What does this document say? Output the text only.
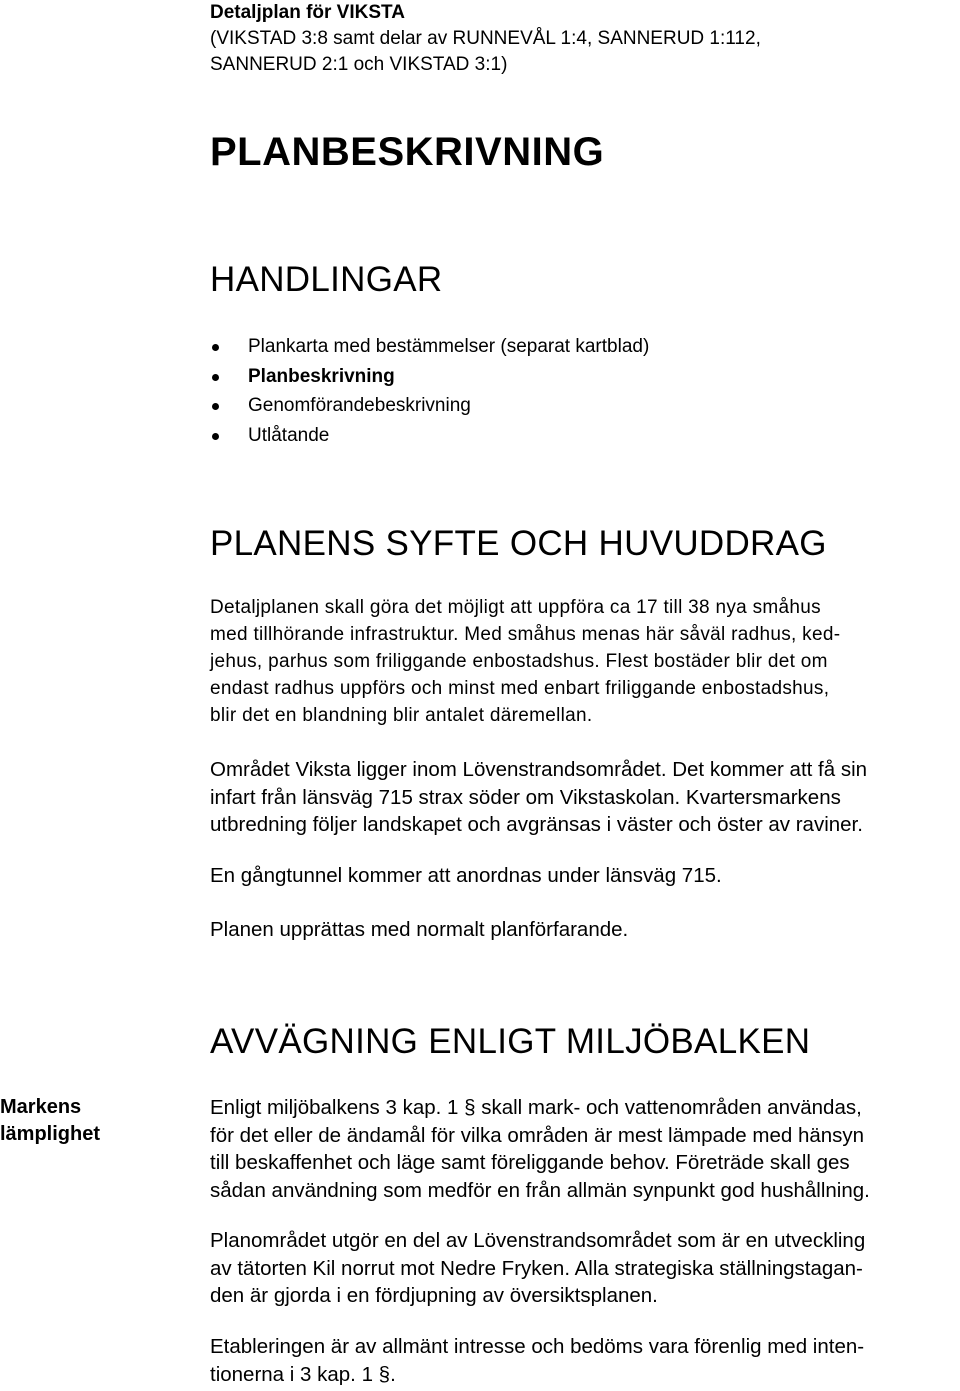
Detaljplan för VIKSTA
(VIKSTAD 3:8 samt delar av RUNNEVÅL 1:4, SANNERUD 1:112,
SANNERUD 2:1 och VIKSTAD 3:1)
PLANBESKRIVNING
HANDLINGAR
Plankarta med bestämmelser (separat kartblad)
Planbeskrivning
Genomförandebeskrivning
Utlåtande
PLANENS SYFTE OCH HUVUDDRAG
Detaljplanen skall göra det möjligt att uppföra ca 17 till 38 nya småhus
med tillhörande infrastruktur. Med småhus menas här såväl radhus, ked-
jehus, parhus som friliggande enbostadshus. Flest bostäder blir det om
endast radhus uppförs och minst med enbart friliggande enbostadshus,
blir det en blandning blir antalet däremellan.
Området Viksta ligger inom Lövenstrandsområdet. Det kommer att få sin
infart från länsväg 715 strax söder om Vikstaskolan. Kvartersmarkens
utbredning följer landskapet och avgränsas i väster och öster av raviner.
En gångtunnel kommer att anordnas under länsväg 715.
Planen upprättas med normalt planförfarande.
AVVÄGNING ENLIGT MILJÖBALKEN
Markens
lämplighet
Enligt miljöbalkens 3 kap. 1 § skall mark- och vattenområden användas,
för det eller de ändamål för vilka områden är mest lämpade med hänsyn
till beskaffenhet och läge samt föreliggande behov. Företräde skall ges
sådan användning som medför en från allmän synpunkt god hushållning.
Planområdet utgör en del av Lövenstrandsområdet som är en utveckling
av tätorten Kil norrut mot Nedre Fryken. Alla strategiska ställningstagan-
den är gjorda i en fördjupning av översiktsplanen.
Etableringen är av allmänt intresse och bedöms vara förenlig med inten-
tionerna i 3 kap. 1 §.
